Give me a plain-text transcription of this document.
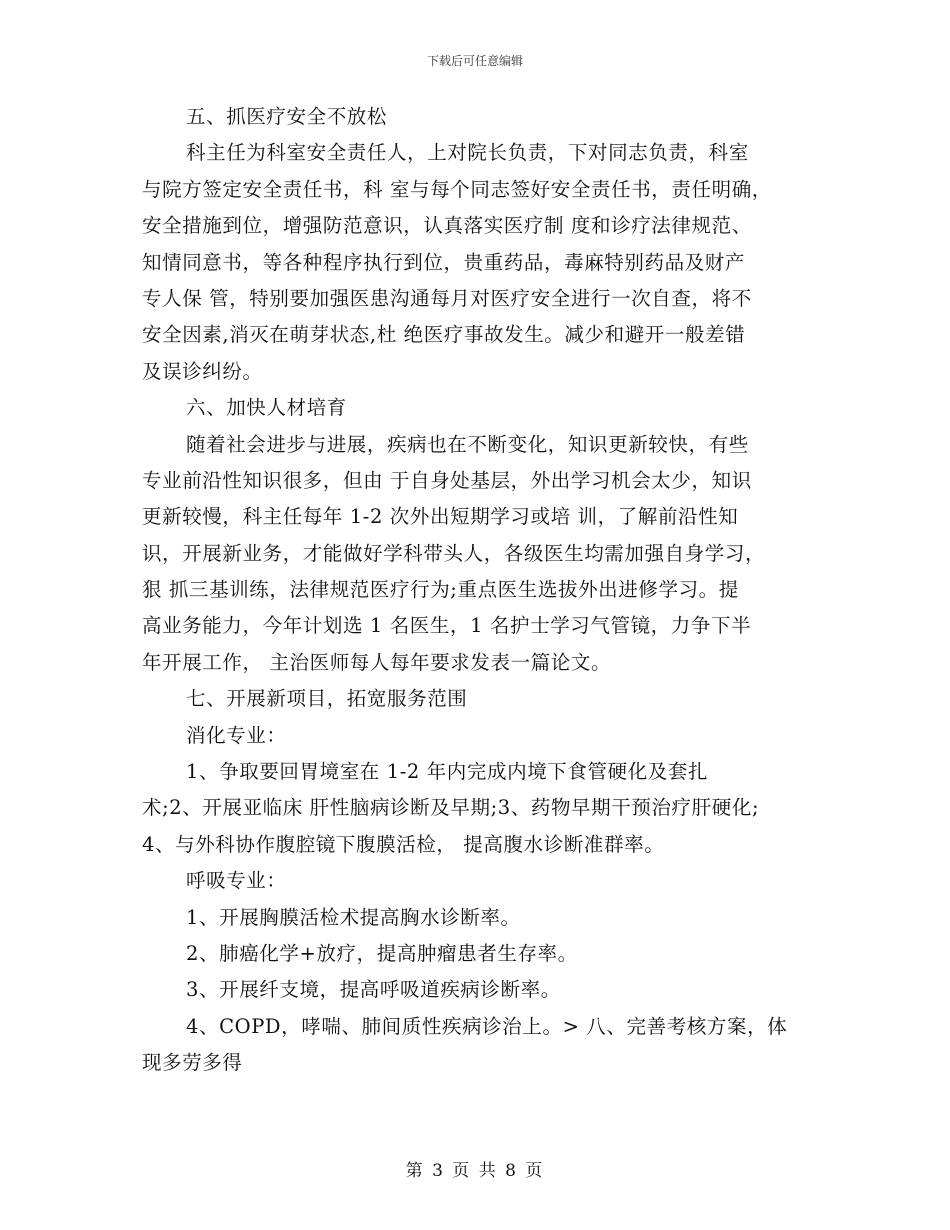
下载后可任意编辑
五、抓医疗安全不放松
科主任为科室安全责任人，上对院长负责，下对同志负责，科室
与院方签定安全责任书，科 室与每个同志签好安全责任书，责任明确，
安全措施到位，增强防范意识，认真落实医疗制 度和诊疗法律规范、
知情同意书，等各种程序执行到位，贵重药品，毒麻特别药品及财产
专人保 管，特别要加强医患沟通每月对医疗安全进行一次自查，将不
安全因素,消灭在萌芽状态,杜 绝医疗事故发生。减少和避开一般差错
及误诊纠纷。
六、加快人材培育
随着社会进步与进展，疾病也在不断变化，知识更新较快，有些
专业前沿性知识很多，但由 于自身处基层，外出学习机会太少，知识
更新较慢，科主任每年 1-2 次外出短期学习或培 训，了解前沿性知
识，开展新业务，才能做好学科带头人，各级医生均需加强自身学习，
狠 抓三基训练，法律规范医疗行为;重点医生选拔外出进修学习。提
高业务能力，今年计划选 1 名医生，1 名护士学习气管镜，力争下半
年开展工作， 主治医师每人每年要求发表一篇论文。
七、开展新项目，拓宽服务范围
消化专业：
1、争取要回胃境室在 1-2 年内完成内境下食管硬化及套扎
术;2、开展亚临床 肝性脑病诊断及早期;3、药物早期干预治疗肝硬化;
4、与外科协作腹腔镜下腹膜活检， 提高腹水诊断准群率。
呼吸专业：
1、开展胸膜活检术提高胸水诊断率。
2、肺癌化学+放疗，提高肿瘤患者生存率。
3、开展纤支境，提高呼吸道疾病诊断率。
4、COPD，哮喘、肺间质性疾病诊治上。> 八、完善考核方案，体
现多劳多得
第 3 页 共 8 页
